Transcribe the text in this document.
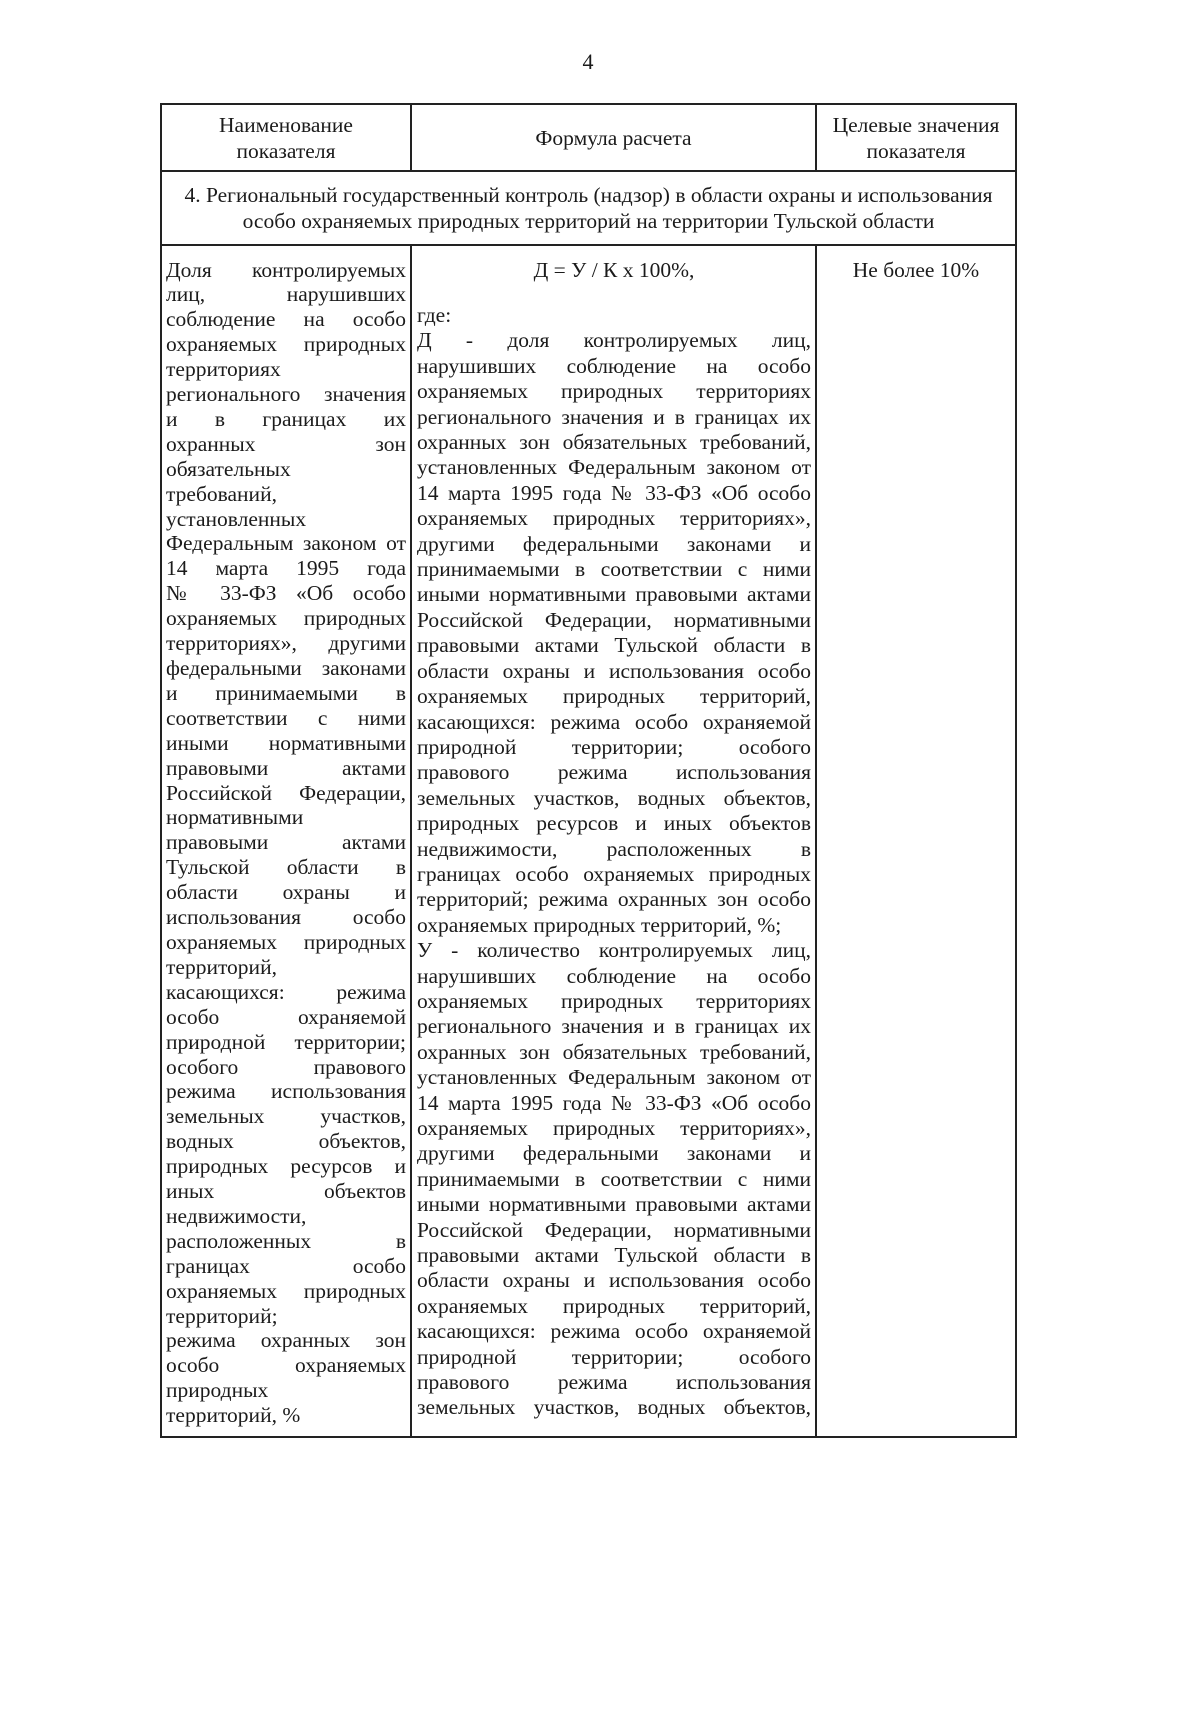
4
Наименование
показателя
Формула расчета
Целевые значения
показателя
4. Региональный государственный контроль (надзор) в области охраны и использования
особо охраняемых природных территорий на территории Тульской области
Доля контролируемых
лиц, нарушивших
соблюдение на особо
охраняемых природных
территориях
регионального значения
и в границах их
охранных зон
обязательных
требований,
установленных
Федеральным законом от
14 марта 1995 года
№ 33-ФЗ «Об особо
охраняемых природных
территориях», другими
федеральными законами
и принимаемыми в
соответствии с ними
иными нормативными
правовыми актами
Российской Федерации,
нормативными
правовыми актами
Тульской области в
области охраны и
использования особо
охраняемых природных
территорий,
касающихся: режима
особо охраняемой
природной территории;
особого правового
режима использования
земельных участков,
водных объектов,
природных ресурсов и
иных объектов
недвижимости,
расположенных в
границах особо
охраняемых природных
территорий;
режима охранных зон
особо охраняемых
природных
территорий, %
Д = У / К х 100%,
где:
Д - доля контролируемых лиц,
нарушивших соблюдение на особо
охраняемых природных территориях
регионального значения и в границах их
охранных зон обязательных требований,
установленных Федеральным законом от
14 марта 1995 года № 33-ФЗ «Об особо
охраняемых природных территориях»,
другими федеральными законами и
принимаемыми в соответствии с ними
иными нормативными правовыми актами
Российской Федерации, нормативными
правовыми актами Тульской области в
области охраны и использования особо
охраняемых природных территорий,
касающихся: режима особо охраняемой
природной территории; особого
правового режима использования
земельных участков, водных объектов,
природных ресурсов и иных объектов
недвижимости, расположенных в
границах особо охраняемых природных
территорий; режима охранных зон особо
охраняемых природных территорий, %;
У - количество контролируемых лиц,
нарушивших соблюдение на особо
охраняемых природных территориях
регионального значения и в границах их
охранных зон обязательных требований,
установленных Федеральным законом от
14 марта 1995 года № 33-ФЗ «Об особо
охраняемых природных территориях»,
другими федеральными законами и
принимаемыми в соответствии с ними
иными нормативными правовыми актами
Российской Федерации, нормативными
правовыми актами Тульской области в
области охраны и использования особо
охраняемых природных территорий,
касающихся: режима особо охраняемой
природной территории; особого
правового режима использования
земельных участков, водных объектов,
Не более 10%
